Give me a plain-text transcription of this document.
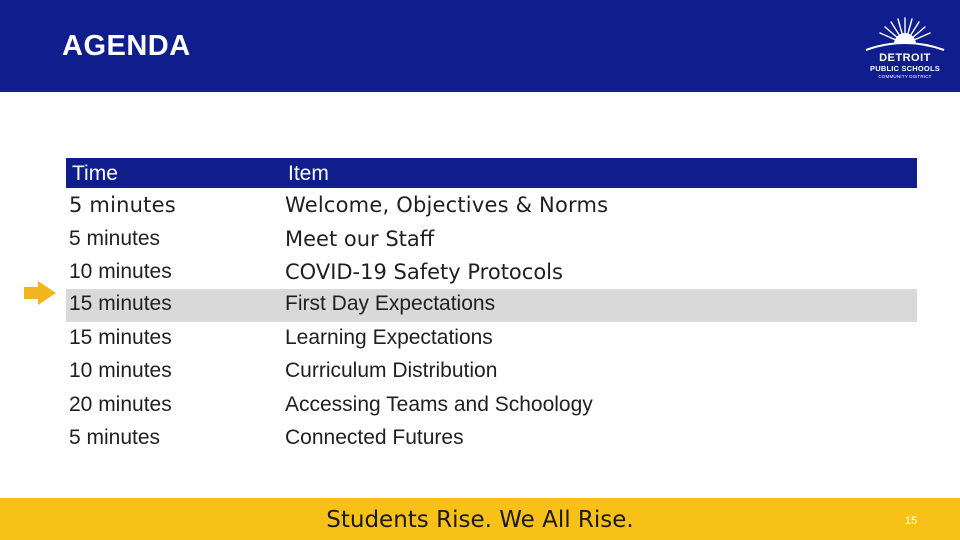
AGENDA	DETROIT
PUBLIC SCHOOLS
COMMUNITY DISTRICT
Time	Item
5 minutes	Welcome, Objectives & Norms
5 minutes	Meet our Staff
10 minutes	COVID-19 Safety Protocols
15 minutes	First Day Expectations
15 minutes	Learning Expectations
10 minutes	Curriculum Distribution
20 minutes	Accessing Teams and Schoology
5 minutes	Connected Futures
Students Rise. We All Rise.	15
